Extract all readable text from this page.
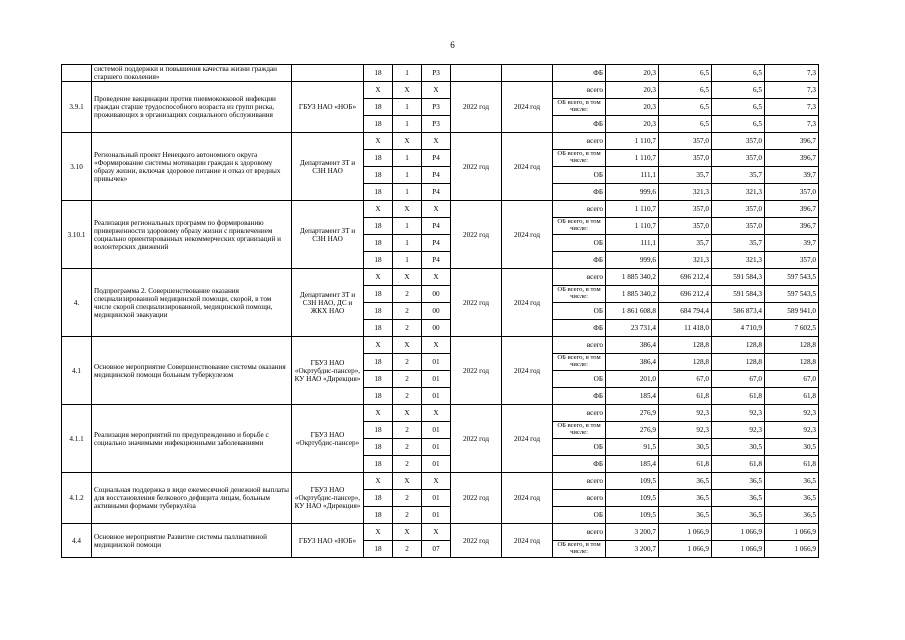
6
	системой поддержки и повышения качества жизни граждан старшего поколения»		18	1	Р3			ФБ	20,3	6,5	6,5	7,3
3.9.1	Проведение вакцинации против пневмококковой инфекции граждан старше трудоспособного возраста из групп риска, проживающих в организациях социального обслуживания	ГБУЗ НАО «НОБ»	Х	Х	Х	2022 год	2024 год	всего	20,3	6,5	6,5	7,3
			18	1	Р3			ОБ всего, в том числе:	20,3	6,5	6,5	7,3
			18	1	Р3			ФБ	20,3	6,5	6,5	7,3
3.10	Региональный проект Ненецкого автономного округа «Формирование системы мотивации граждан к здоровому образу жизни, включая здоровое питание и отказ от вредных привычек»	Департамент ЗТ и СЗН НАО	Х	Х	Х	2022 год	2024 год	всего	1 110,7	357,0	357,0	396,7
			18	1	Р4			ОБ всего, в том числе:	1 110,7	357,0	357,0	396,7
			18	1	Р4			ОБ	111,1	35,7	35,7	39,7
			18	1	Р4			ФБ	999,6	321,3	321,3	357,0
3.10.1	Реализация региональных программ по формированию приверженности здоровому образу жизни с привлечением социально ориентированных некоммерческих организаций и волонтерских движений	Департамент ЗТ и СЗН НАО	Х	Х	Х	2022 год	2024 год	всего	1 110,7	357,0	357,0	396,7
			18	1	Р4			ОБ всего, в том числе:	1 110,7	357,0	357,0	396,7
			18	1	Р4			ОБ	111,1	35,7	35,7	39,7
			18	1	Р4			ФБ	999,6	321,3	321,3	357,0
4.	Подпрограмма 2. Совершенствование оказания специализированной медицинской помощи, скорой, в том числе скорой специализированной, медицинской помощи, медицинской эвакуации	Департамент ЗТ и СЗН НАО, ДС и ЖКХ НАО	Х	Х	Х	2022 год	2024 год	всего	1 885 340,2	696 212,4	591 584,3	597 543,5
			18	2	00			ОБ всего, в том числе:	1 885 340,2	696 212,4	591 584,3	597 543,5
			18	2	00			ОБ	1 861 608,8	684 794,4	586 873,4	589 941,0
			18	2	00			ФБ	23 731,4	11 418,0	4 710,9	7 602,5
4.1	Основное мероприятие Совершенствование системы оказания медицинской помощи больным туберкулезом	ГБУЗ НАО «Окртубдис-пансер», КУ НАО «Дирекция»	Х	Х	Х	2022 год	2024 год	всего	386,4	128,8	128,8	128,8
			18	2	01			ОБ всего, в том числе:	386,4	128,8	128,8	128,8
			18	2	01			ОБ	201,0	67,0	67,0	67,0
			18	2	01			ФБ	185,4	61,8	61,8	61,8
4.1.1	Реализация мероприятий по предупреждению и борьбе с социально значимыми инфекционными заболеваниями	ГБУЗ НАО «Окртубдис-пансер»	Х	Х	Х	2022 год	2024 год	всего	276,9	92,3	92,3	92,3
			18	2	01			ОБ всего, в том числе:	276,9	92,3	92,3	92,3
			18	2	01			ОБ	91,5	30,5	30,5	30,5
			18	2	01			ФБ	185,4	61,8	61,8	61,8
4.1.2	Социальная поддержка в виде ежемесячной денежной выплаты для восстановления белкового дефицита лицам, больным активными формами туберкулёза	ГБУЗ НАО «Окртубдис-пансер», КУ НАО «Дирекция»	Х	Х	Х	2022 год	2024 год	всего	109,5	36,5	36,5	36,5
			18	2	01			всего	109,5	36,5	36,5	36,5
			18	2	01			ОБ	109,5	36,5	36,5	36,5
4.4	Основное мероприятие Развитие системы паллиативной медицинской помощи	ГБУЗ НАО «НОБ»	Х	Х	Х	2022 год	2024 год	всего	3 200,7	1 066,9	1 066,9	1 066,9
			18	2	07			ОБ всего, в том числе:	3 200,7	1 066,9	1 066,9	1 066,9
